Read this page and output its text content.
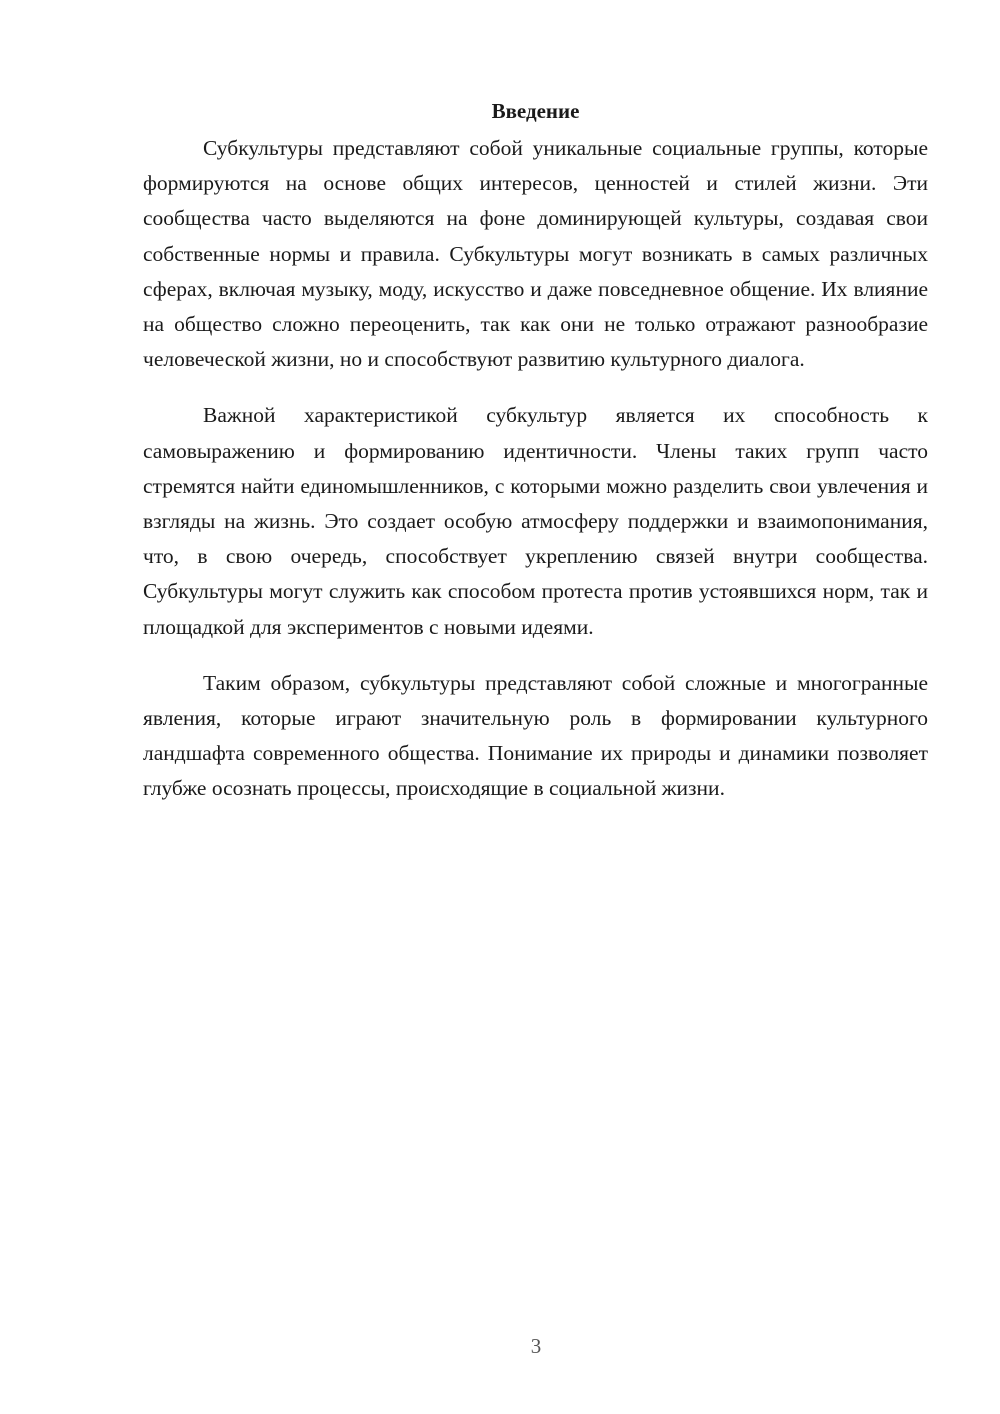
Введение

Субкультуры представляют собой уникальные социальные группы, которые формируются на основе общих интересов, ценностей и стилей жизни. Эти сообщества часто выделяются на фоне доминирующей культуры, создавая свои собственные нормы и правила. Субкультуры могут возникать в самых различных сферах, включая музыку, моду, искусство и даже повседневное общение. Их влияние на общество сложно переоценить, так как они не только отражают разнообразие человеческой жизни, но и способствуют развитию культурного диалога.

Важной характеристикой субкультур является их способность к самовыражению и формированию идентичности. Члены таких групп часто стремятся найти единомышленников, с которыми можно разделить свои увлечения и взгляды на жизнь. Это создает особую атмосферу поддержки и взаимопонимания, что, в свою очередь, способствует укреплению связей внутри сообщества. Субкультуры могут служить как способом протеста против устоявшихся норм, так и площадкой для экспериментов с новыми идеями.

Таким образом, субкультуры представляют собой сложные и многогранные явления, которые играют значительную роль в формировании культурного ландшафта современного общества. Понимание их природы и динамики позволяет глубже осознать процессы, происходящие в социальной жизни.

3
